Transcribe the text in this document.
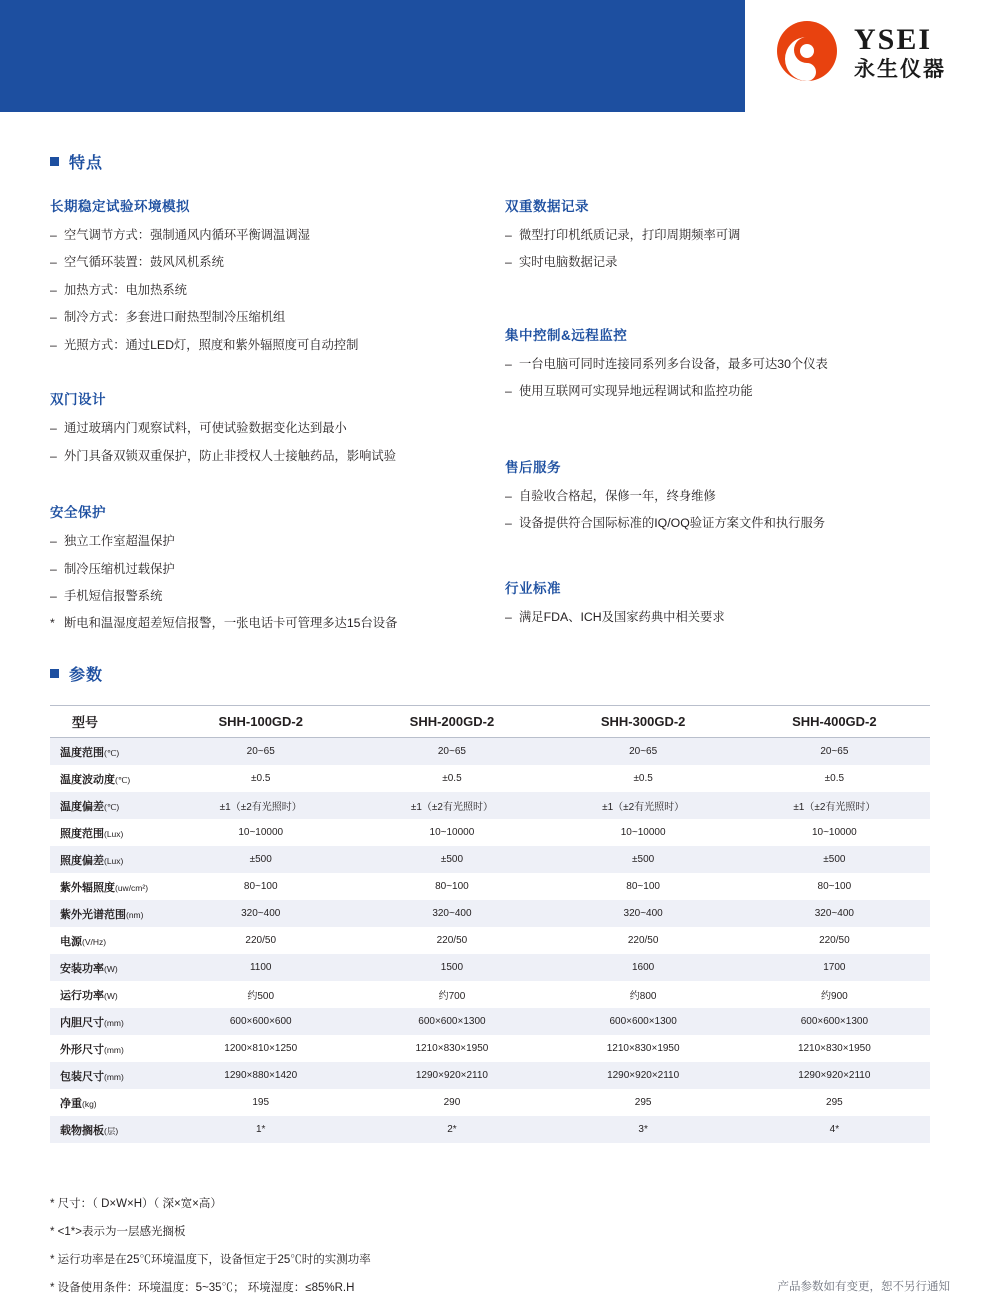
YSEI
永生仪器
特点
长期稳定试验环境模拟
– 空气调节方式：强制通风内循环平衡调温调湿
– 空气循环装置：鼓风风机系统
– 加热方式：电加热系统
– 制冷方式：多套进口耐热型制冷压缩机组
– 光照方式：通过LED灯，照度和紫外辐照度可自动控制
双门设计
– 通过玻璃内门观察试料，可使试验数据变化达到最小
– 外门具备双锁双重保护，防止非授权人士接触药品，影响试验
安全保护
– 独立工作室超温保护
– 制冷压缩机过载保护
– 手机短信报警系统
* 断电和温湿度超差短信报警，一张电话卡可管理多达15台设备
双重数据记录
– 微型打印机纸质记录，打印周期频率可调
– 实时电脑数据记录
集中控制&远程监控
– 一台电脑可同时连接同系列多台设备，最多可达30个仪表
– 使用互联网可实现异地远程调试和监控功能
售后服务
– 自验收合格起，保修一年，终身维修
– 设备提供符合国际标准的IQ/OQ验证方案文件和执行服务
行业标准
– 满足FDA、ICH及国家药典中相关要求
参数
型号	SHH-100GD-2	SHH-200GD-2	SHH-300GD-2	SHH-400GD-2
温度范围(℃)	20~65	20~65	20~65	20~65
温度波动度(℃)	±0.5	±0.5	±0.5	±0.5
温度偏差(℃)	±1（±2有光照时）	±1（±2有光照时）	±1（±2有光照时）	±1（±2有光照时）
照度范围(Lux)	10~10000	10~10000	10~10000	10~10000
照度偏差(Lux)	±500	±500	±500	±500
紫外辐照度(uw/cm²)	80~100	80~100	80~100	80~100
紫外光谱范围(nm)	320~400	320~400	320~400	320~400
电源(V/Hz)	220/50	220/50	220/50	220/50
安装功率(W)	1100	1500	1600	1700
运行功率(W)	约500	约700	约800	约900
内胆尺寸(mm)	600×600×600	600×600×1300	600×600×1300	600×600×1300
外形尺寸(mm)	1200×810×1250	1210×830×1950	1210×830×1950	1210×830×1950
包装尺寸(mm)	1290×880×1420	1290×920×2110	1290×920×2110	1290×920×2110
净重(kg)	195	290	295	295
载物搁板(层)	1*	2*	3*	4*
* 尺寸：（ D×W×H）（ 深×宽×高）
* <1*>表示为一层感光搁板
* 运行功率是在25℃环境温度下，设备恒定于25℃时的实测功率
* 设备使用条件：环境温度：5~35℃； 环境湿度：≤85%R.H	产品参数如有变更，恕不另行通知
